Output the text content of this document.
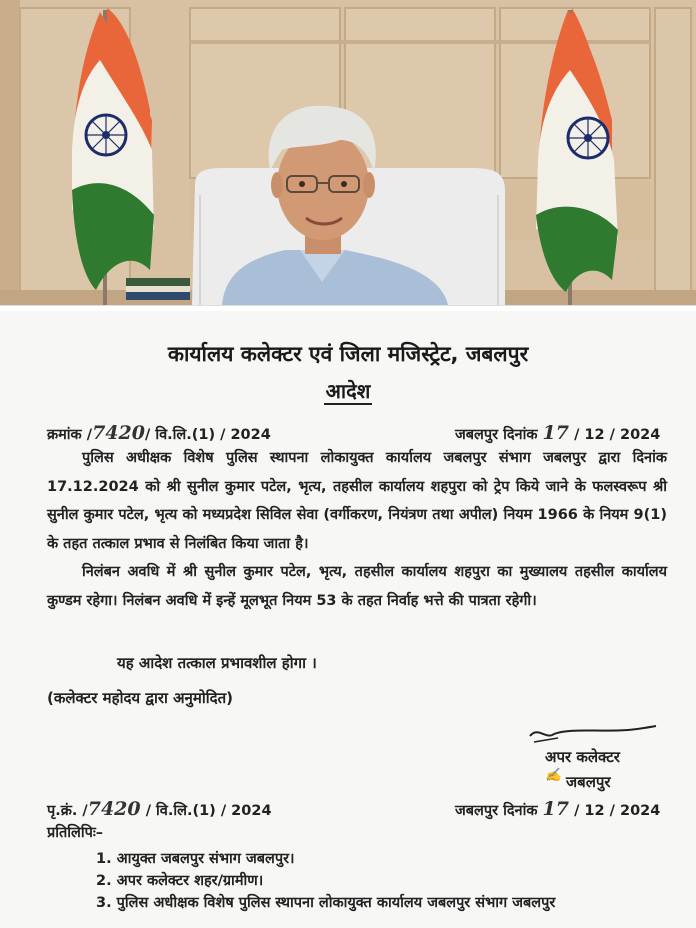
कार्यालय कलेक्टर एवं जिला मजिस्ट्रेट, जबलपुर
आदेश
क्रमांक /7420/ वि.लि.(1) / 2024	जबलपुर दिनांक 17 / 12 / 2024

पुलिस अधीक्षक विशेष पुलिस स्थापना लोकायुक्त कार्यालय जबलपुर संभाग जबलपुर द्वारा दिनांक 17.12.2024 को श्री सुनील कुमार पटेल, भृत्य, तहसील कार्यालय शहपुरा को ट्रेप किये जाने के फलस्वरूप श्री सुनील कुमार पटेल, भृत्य को मध्यप्रदेश सिविल सेवा (वर्गीकरण, नियंत्रण तथा अपील) नियम 1966 के नियम 9(1) के तहत तत्काल प्रभाव से निलंबित किया जाता है।

निलंबन अवधि में श्री सुनील कुमार पटेल, भृत्य, तहसील कार्यालय शहपुरा का मुख्यालय तहसील कार्यालय कुण्डम रहेगा। निलंबन अवधि में इन्हें मूलभूत नियम 53 के तहत निर्वाह भत्ते की पात्रता रहेगी।

यह आदेश तत्काल प्रभावशील होगा ।
(कलेक्टर महोदय द्वारा अनुमोदित)
अपर कलेक्टर
✍ जबलपुर
पृ.क्रं. /7420 / वि.लि.(1) / 2024	जबलपुर दिनांक 17 / 12 / 2024
प्रतिलिपिः–
1. आयुक्त जबलपुर संभाग जबलपुर।
2. अपर कलेक्टर शहर/ग्रामीण।
3. पुलिस अधीक्षक विशेष पुलिस स्थापना लोकायुक्त कार्यालय जबलपुर संभाग जबलपुर
